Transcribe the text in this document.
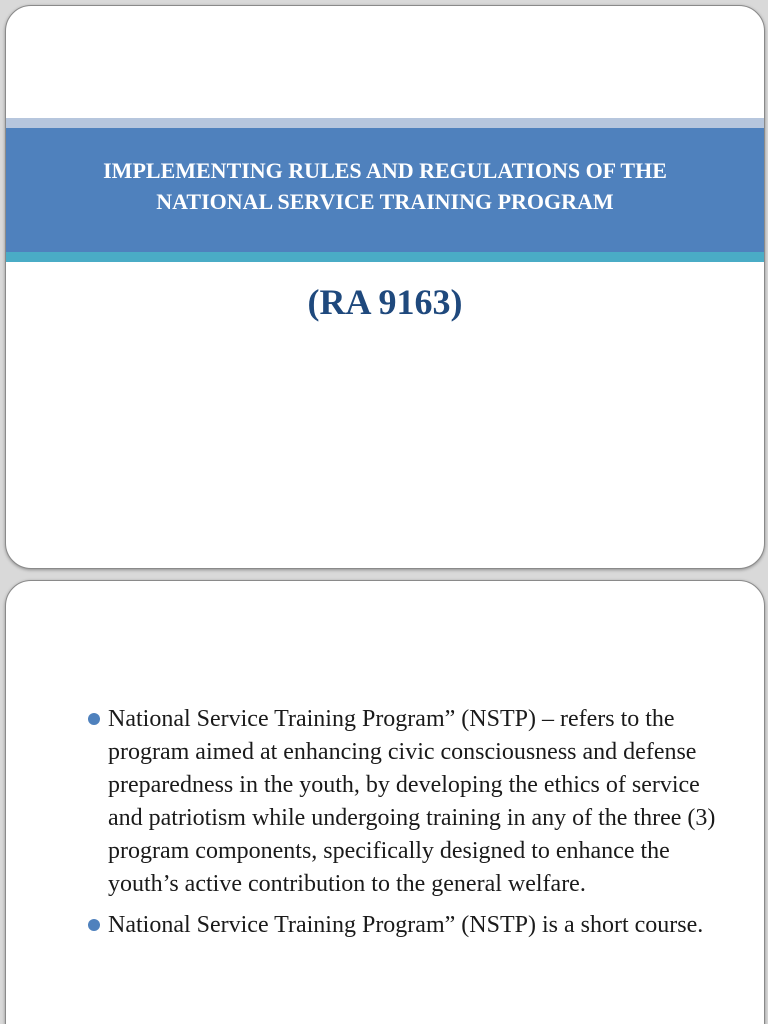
IMPLEMENTING RULES AND REGULATIONS OF THE NATIONAL SERVICE TRAINING PROGRAM
(RA 9163)
National Service Training Program” (NSTP) – refers to the program aimed at enhancing civic consciousness and defense preparedness in the youth, by developing the ethics of service and patriotism while undergoing training in any of the three (3) program components, specifically designed to enhance the youth’s active contribution to the general welfare.
National Service Training Program” (NSTP) is a short course.
